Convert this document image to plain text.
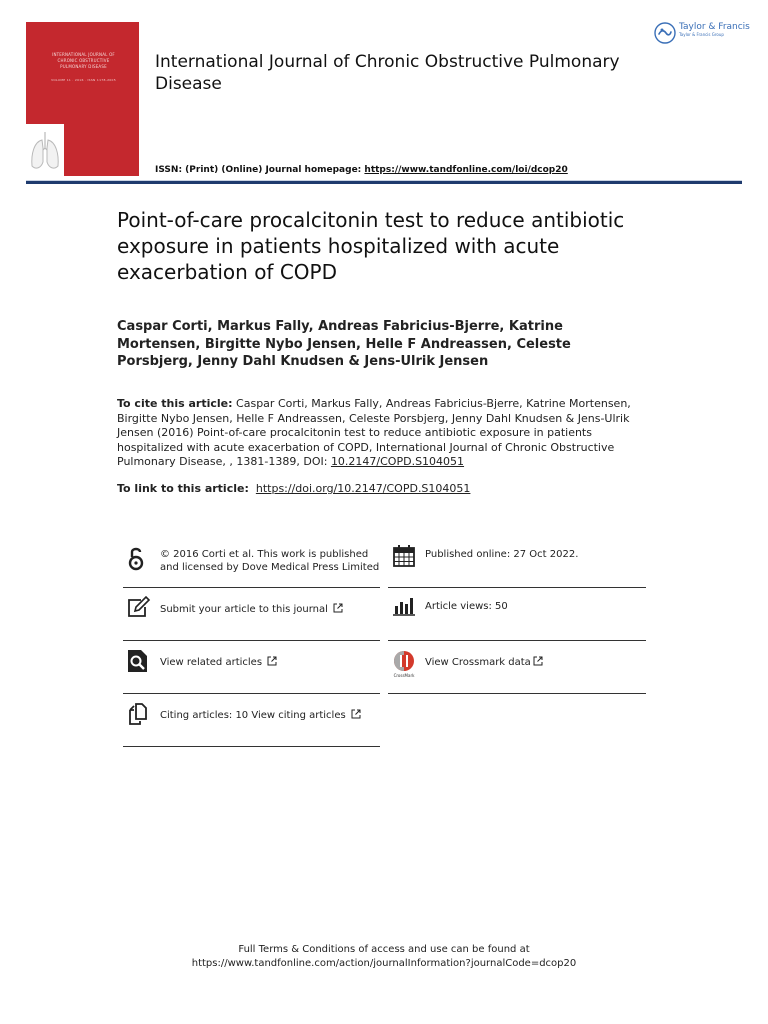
INTERNATIONAL JOURNAL OF
CHRONIC OBSTRUCTIVE
PULMONARY DISEASE
VOLUME 11 · 2016 · ISSN 1178-2005
International Journal of Chronic Obstructive Pulmonary Disease
Taylor & Francis
Taylor & Francis Group
ISSN: (Print) (Online) Journal homepage: https://www.tandfonline.com/loi/dcop20
Point-of-care procalcitonin test to reduce antibiotic exposure in patients hospitalized with acute exacerbation of COPD
Caspar Corti, Markus Fally, Andreas Fabricius-Bjerre, Katrine Mortensen, Birgitte Nybo Jensen, Helle F Andreassen, Celeste Porsbjerg, Jenny Dahl Knudsen & Jens-Ulrik Jensen
To cite this article: Caspar Corti, Markus Fally, Andreas Fabricius-Bjerre, Katrine Mortensen, Birgitte Nybo Jensen, Helle F Andreassen, Celeste Porsbjerg, Jenny Dahl Knudsen & Jens-Ulrik Jensen (2016) Point-of-care procalcitonin test to reduce antibiotic exposure in patients hospitalized with acute exacerbation of COPD, International Journal of Chronic Obstructive Pulmonary Disease, , 1381-1389, DOI: 10.2147/COPD.S104051
To link to this article: https://doi.org/10.2147/COPD.S104051
© 2016 Corti et al. This work is published
and licensed by Dove Medical Press Limited
Published online: 27 Oct 2022.
Submit your article to this journal	Article views: 50
View related articles
CrossMark
View Crossmark data
Citing articles: 10 View citing articles
Full Terms & Conditions of access and use can be found at
https://www.tandfonline.com/action/journalInformation?journalCode=dcop20
